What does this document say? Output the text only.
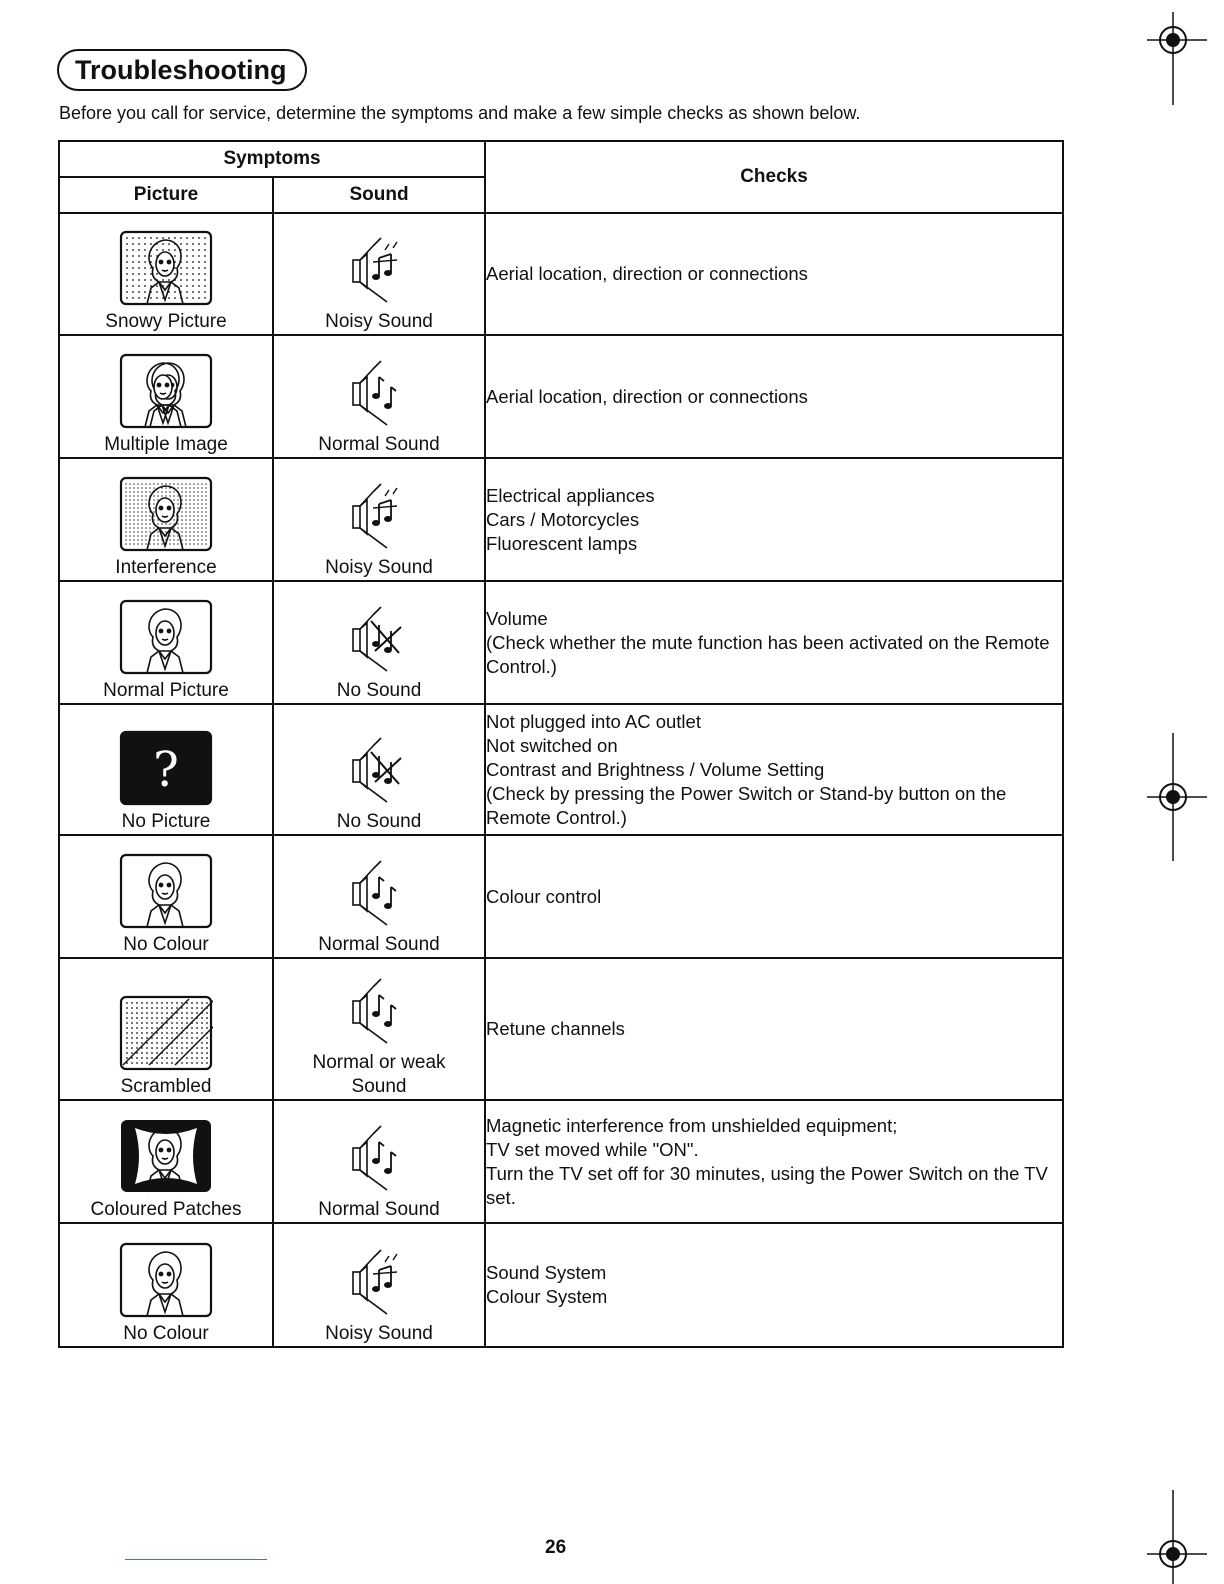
Troubleshooting
Before you call for service, determine the symptoms and make a few simple checks as shown below.
Symptoms		Checks
Picture	Sound	

Snowy Picture	Noisy Sound	Aerial location, direction or connections

Multiple Image	Normal Sound	Aerial location, direction or connections

Interference	Noisy Sound	Electrical appliances
Cars / Motorcycles
Fluorescent lamps

Normal Picture	No Sound	Volume
(Check whether the mute function has been activated on the Remote Control.)

?
No Picture	No Sound	Not plugged into AC outlet
Not switched on
Contrast and Brightness / Volume Setting
(Check by pressing the Power Switch or Stand-by button on the Remote Control.)

No Colour	Normal Sound	Colour control

Scrambled	Normal or weak Sound	Retune channels

Coloured Patches	Normal Sound	Magnetic interference from unshielded equipment;
TV set moved while "ON".
Turn the TV set off for 30 minutes, using the Power Switch on the TV set.

No Colour	Noisy Sound	Sound System
Colour System
26
